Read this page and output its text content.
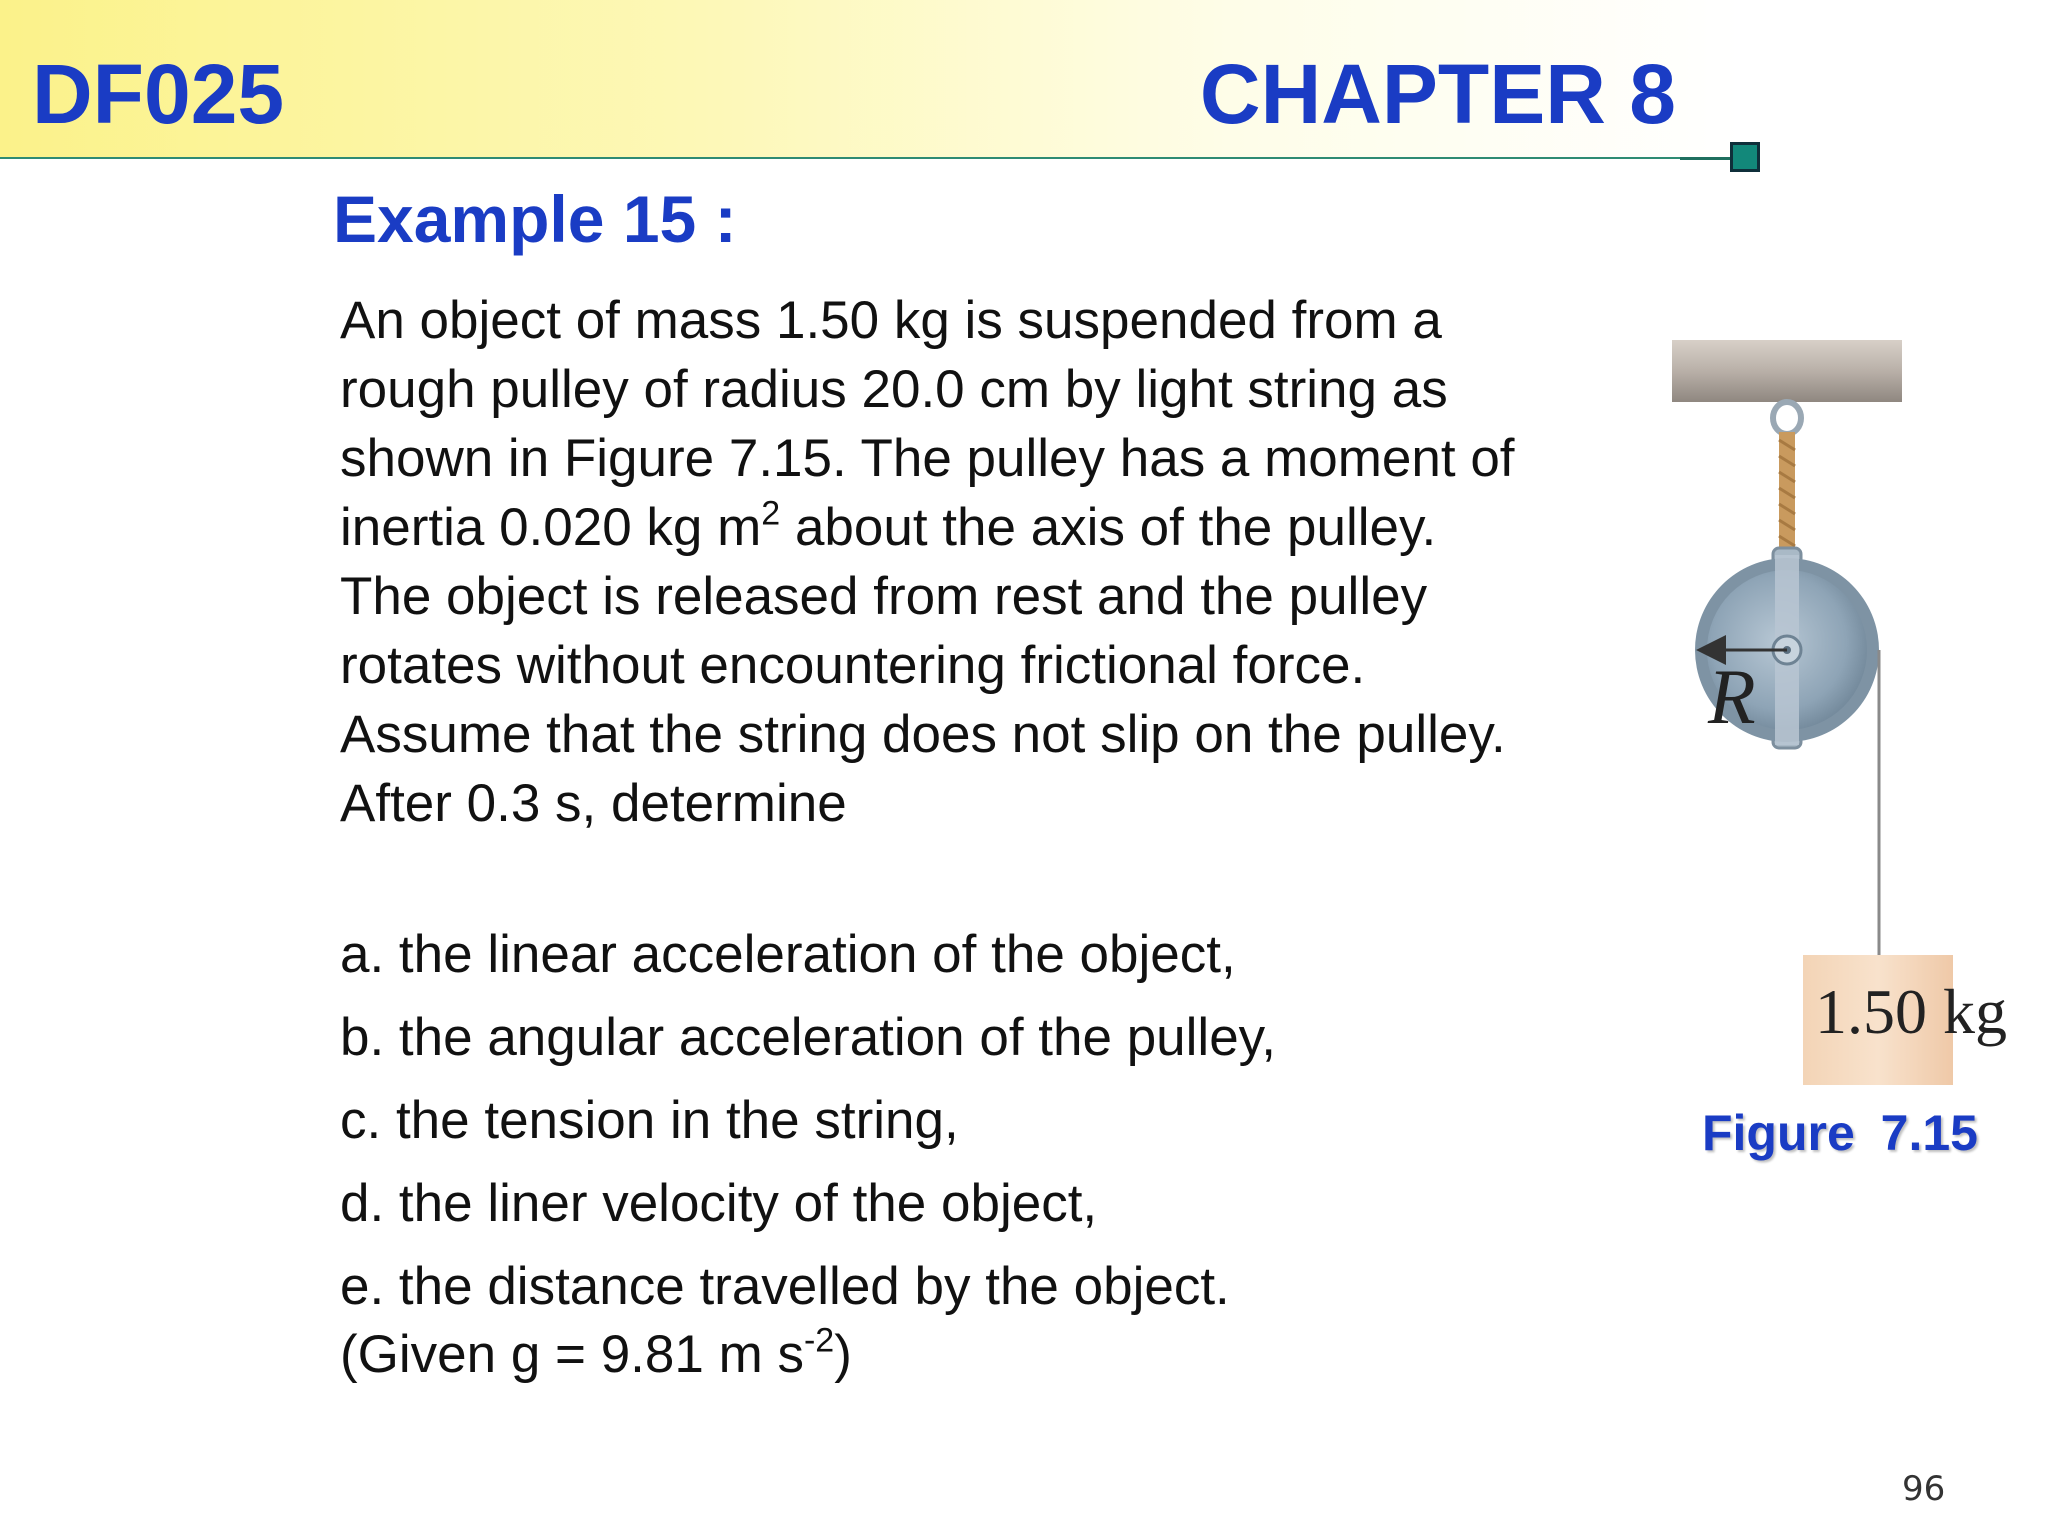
DF025	CHAPTER 8
Example 15 :

An object of mass 1.50 kg is suspended from a rough pulley of radius 20.0 cm by light string as shown in Figure 7.15. The pulley has a moment of inertia 0.020 kg $m^2$ about the axis of the pulley. The object is released from rest and the pulley rotates without encountering frictional force. Assume that the string does not slip on the pulley. After 0.3 s, determine

a. the linear acceleration of the object,
b. the angular acceleration of the pulley,
c. the tension in the string,
d. the liner velocity of the object,
e. the distance travelled by the object.
(Given g = 9.81 m $s^{-2}$)
R
1.50 kg
Figure 7.15
96
